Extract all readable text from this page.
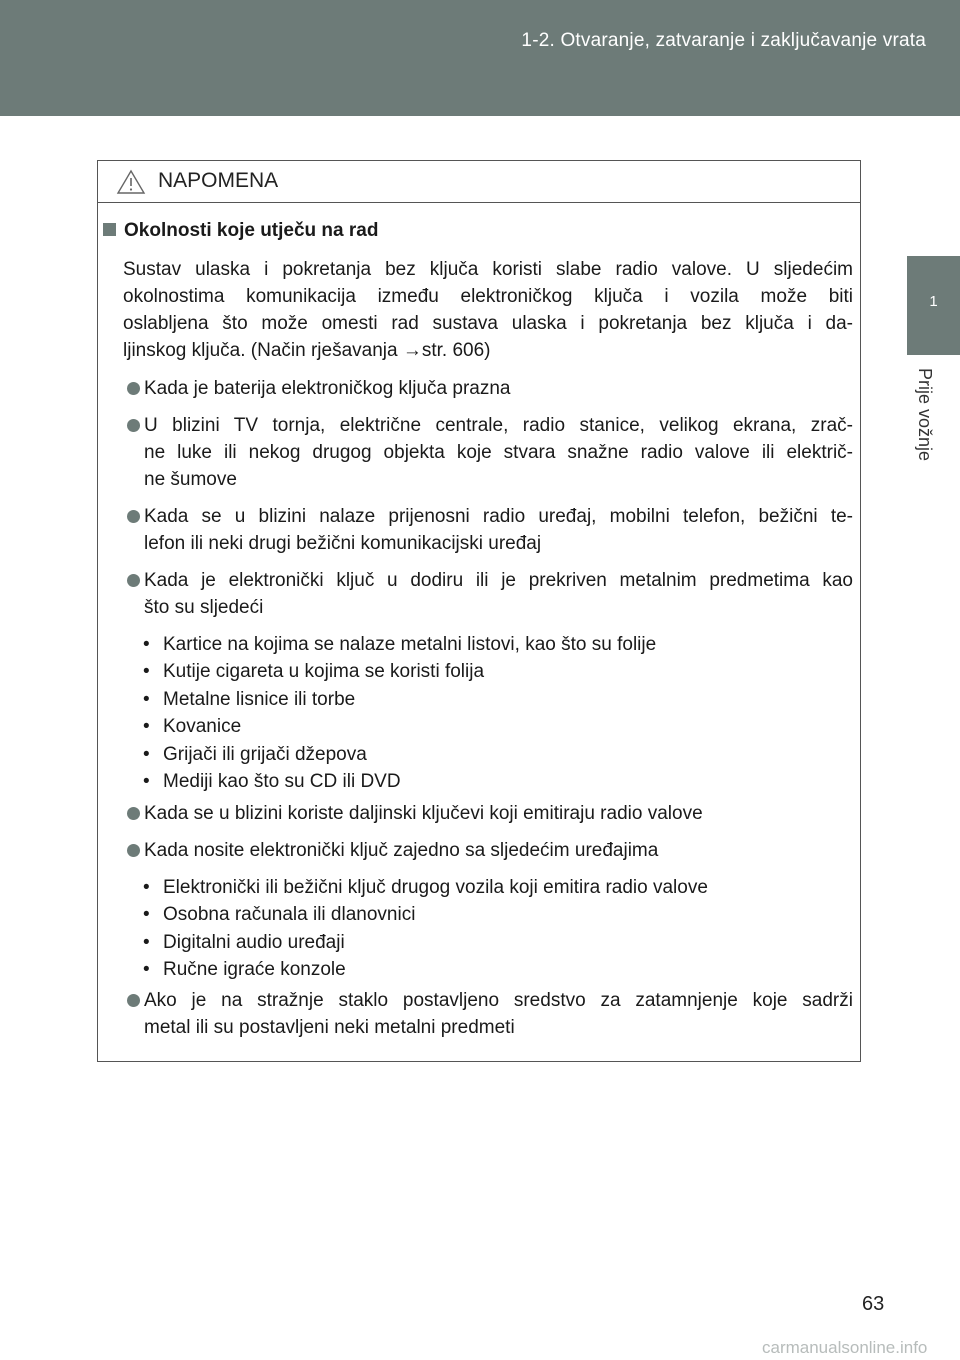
1-2. Otvaranje, zatvaranje i zaključavanje vrata
1
Prije vožnje
NAPOMENA
Okolnosti koje utječu na rad
Sustav ulaska i pokretanja bez ključa koristi slabe radio valove. U sljedećim
okolnostima komunikacija između elektroničkog ključa i vozila može biti
oslabljena što može omesti rad sustava ulaska i pokretanja bez ključa i da-
ljinskog ključa. (Način rješavanja →str. 606)
Kada je baterija elektroničkog ključa prazna
U blizini TV tornja, električne centrale, radio stanice, velikog ekrana, zrač-
ne luke ili nekog drugog objekta koje stvara snažne radio valove ili električ-
ne šumove
Kada se u blizini nalaze prijenosni radio uređaj, mobilni telefon, bežični te-
lefon ili neki drugi bežični komunikacijski uređaj
Kada je elektronički ključ u dodiru ili je prekriven metalnim predmetima kao
što su sljedeći
• Kartice na kojima se nalaze metalni listovi, kao što su folije
• Kutije cigareta u kojima se koristi folija
• Metalne lisnice ili torbe
• Kovanice
• Grijači ili grijači džepova
• Mediji kao što su CD ili DVD
Kada se u blizini koriste daljinski ključevi koji emitiraju radio valove
Kada nosite elektronički ključ zajedno sa sljedećim uređajima
• Elektronički ili bežični ključ drugog vozila koji emitira radio valove
• Osobna računala ili dlanovnici
• Digitalni audio uređaji
• Ručne igraće konzole
Ako je na stražnje staklo postavljeno sredstvo za zatamnjenje koje sadrži
metal ili su postavljeni neki metalni predmeti
63
carmanualsonline.info
